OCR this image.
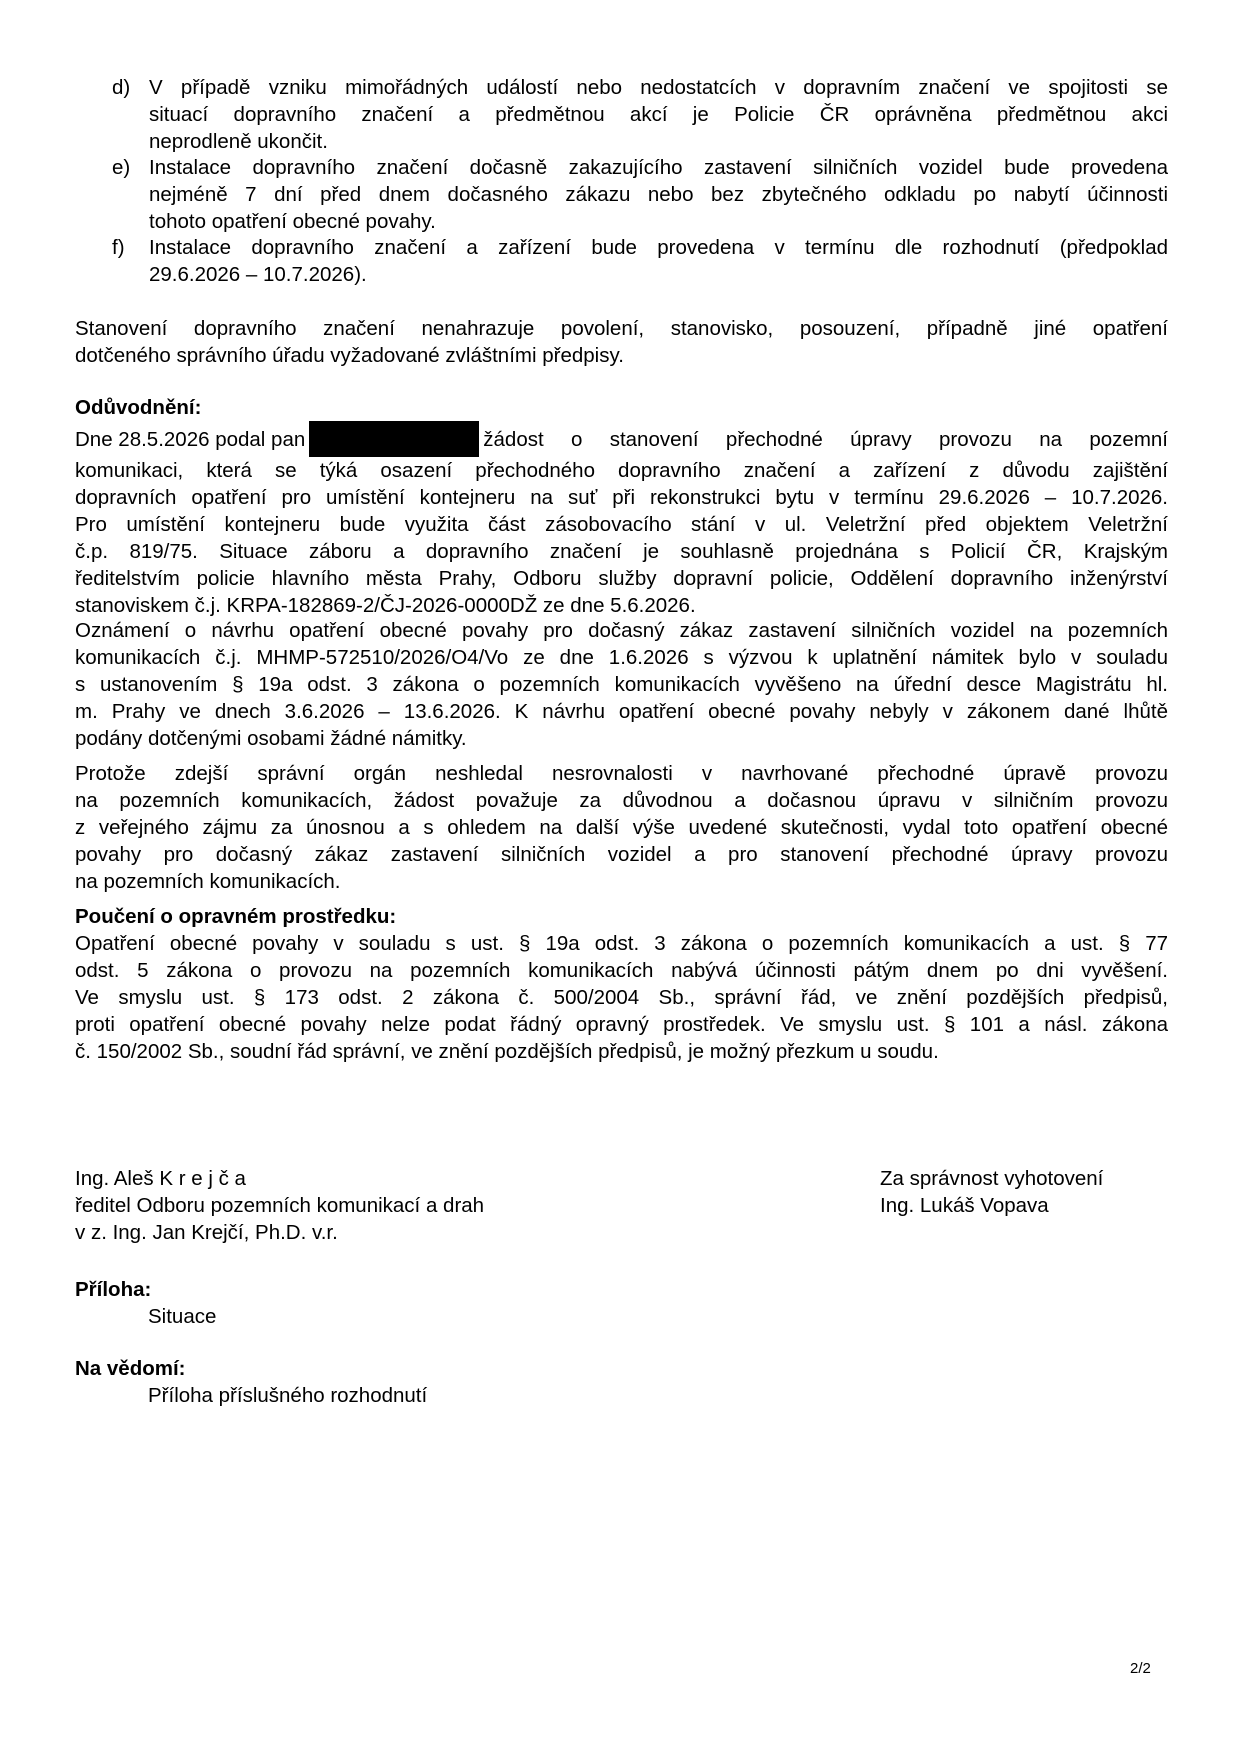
d) V případě vzniku mimořádných událostí nebo nedostatcích v dopravním značení ve spojitosti se
situací dopravního značení a předmětnou akcí je Policie ČR oprávněna předmětnou akci
neprodleně ukončit.
e) Instalace dopravního značení dočasně zakazujícího zastavení silničních vozidel bude provedena
nejméně 7 dní před dnem dočasného zákazu nebo bez zbytečného odkladu po nabytí účinnosti
tohoto opatření obecné povahy.
f) Instalace dopravního značení a zařízení bude provedena v termínu dle rozhodnutí (předpoklad
29.6.2026 – 10.7.2026).
Stanovení dopravního značení nenahrazuje povolení, stanovisko, posouzení, případně jiné opatření
dotčeného správního úřadu vyžadované zvláštními předpisy.
Odůvodnění:
Dne 28.5.2026 podal pan	žádost o stanovení přechodné úpravy provozu na pozemní
komunikaci, která se týká osazení přechodného dopravního značení a zařízení z důvodu zajištění
dopravních opatření pro umístění kontejneru na suť při rekonstrukci bytu v termínu 29.6.2026 – 10.7.2026.
Pro umístění kontejneru bude využita část zásobovacího stání v ul. Veletržní před objektem Veletržní
č.p. 819/75. Situace záboru a dopravního značení je souhlasně projednána s Policií ČR, Krajským
ředitelstvím policie hlavního města Prahy, Odboru služby dopravní policie, Oddělení dopravního inženýrství
stanoviskem č.j. KRPA-182869-2/ČJ-2026-0000DŽ ze dne 5.6.2026.
Oznámení o návrhu opatření obecné povahy pro dočasný zákaz zastavení silničních vozidel na pozemních
komunikacích č.j. MHMP-572510/2026/O4/Vo ze dne 1.6.2026 s výzvou k uplatnění námitek bylo v souladu
s ustanovením § 19a odst. 3 zákona o pozemních komunikacích vyvěšeno na úřední desce Magistrátu hl.
m. Prahy ve dnech 3.6.2026 – 13.6.2026. K návrhu opatření obecné povahy nebyly v zákonem dané lhůtě
podány dotčenými osobami žádné námitky.
Protože zdejší správní orgán neshledal nesrovnalosti v navrhované přechodné úpravě provozu
na pozemních komunikacích, žádost považuje za důvodnou a dočasnou úpravu v silničním provozu
z veřejného zájmu za únosnou a s ohledem na další výše uvedené skutečnosti, vydal toto opatření obecné
povahy pro dočasný zákaz zastavení silničních vozidel a pro stanovení přechodné úpravy provozu
na pozemních komunikacích.
Poučení o opravném prostředku:
Opatření obecné povahy v souladu s ust. § 19a odst. 3 zákona o pozemních komunikacích a ust. § 77
odst. 5 zákona o provozu na pozemních komunikacích nabývá účinnosti pátým dnem po dni vyvěšení.
Ve smyslu ust. § 173 odst. 2 zákona č. 500/2004 Sb., správní řád, ve znění pozdějších předpisů,
proti opatření obecné povahy nelze podat řádný opravný prostředek. Ve smyslu ust. § 101 a násl. zákona
č. 150/2002 Sb., soudní řád správní, ve znění pozdějších předpisů, je možný přezkum u soudu.
Ing. Aleš K r e j č a
ředitel Odboru pozemních komunikací a drah
v z. Ing. Jan Krejčí, Ph.D. v.r.
Za správnost vyhotovení
Ing. Lukáš Vopava
Příloha:
Situace
Na vědomí:
Příloha příslušného rozhodnutí
2/2
